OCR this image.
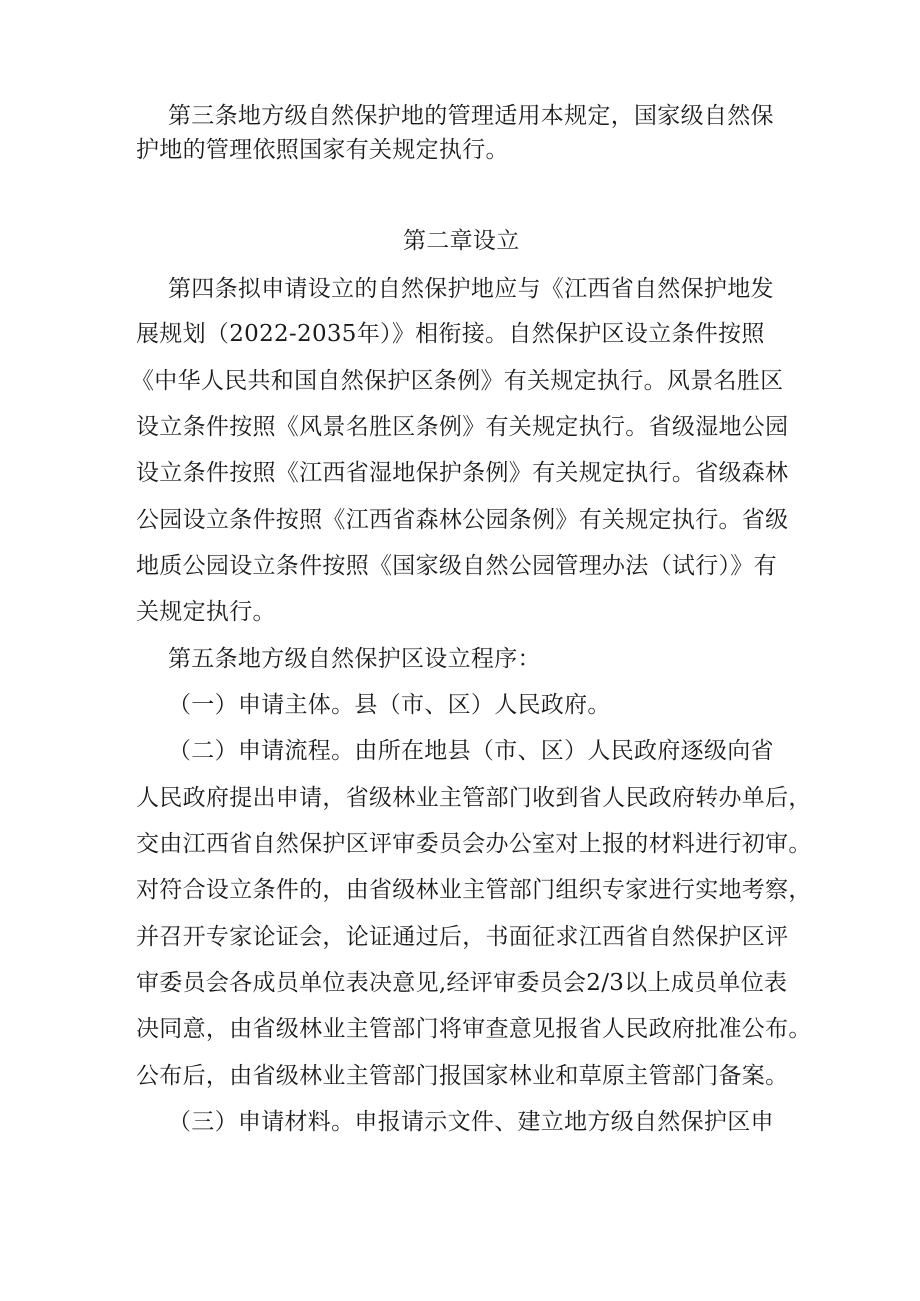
第三条地方级自然保护地的管理适用本规定，国家级自然保
护地的管理依照国家有关规定执行。
第二章设立
第四条拟申请设立的自然保护地应与《江西省自然保护地发
展规划（2022-2035年）》相衔接。自然保护区设立条件按照
《中华人民共和国自然保护区条例》有关规定执行。风景名胜区
设立条件按照《风景名胜区条例》有关规定执行。省级湿地公园
设立条件按照《江西省湿地保护条例》有关规定执行。省级森林
公园设立条件按照《江西省森林公园条例》有关规定执行。省级
地质公园设立条件按照《国家级自然公园管理办法（试行）》有
关规定执行。
第五条地方级自然保护区设立程序：
（一）申请主体。县（市、区）人民政府。
（二）申请流程。由所在地县（市、区）人民政府逐级向省
人民政府提出申请，省级林业主管部门收到省人民政府转办单后，
交由江西省自然保护区评审委员会办公室对上报的材料进行初审。
对符合设立条件的，由省级林业主管部门组织专家进行实地考察，
并召开专家论证会，论证通过后，书面征求江西省自然保护区评
审委员会各成员单位表决意见,经评审委员会2/3以上成员单位表
决同意，由省级林业主管部门将审查意见报省人民政府批准公布。
公布后，由省级林业主管部门报国家林业和草原主管部门备案。
（三）申请材料。申报请示文件、建立地方级自然保护区申
